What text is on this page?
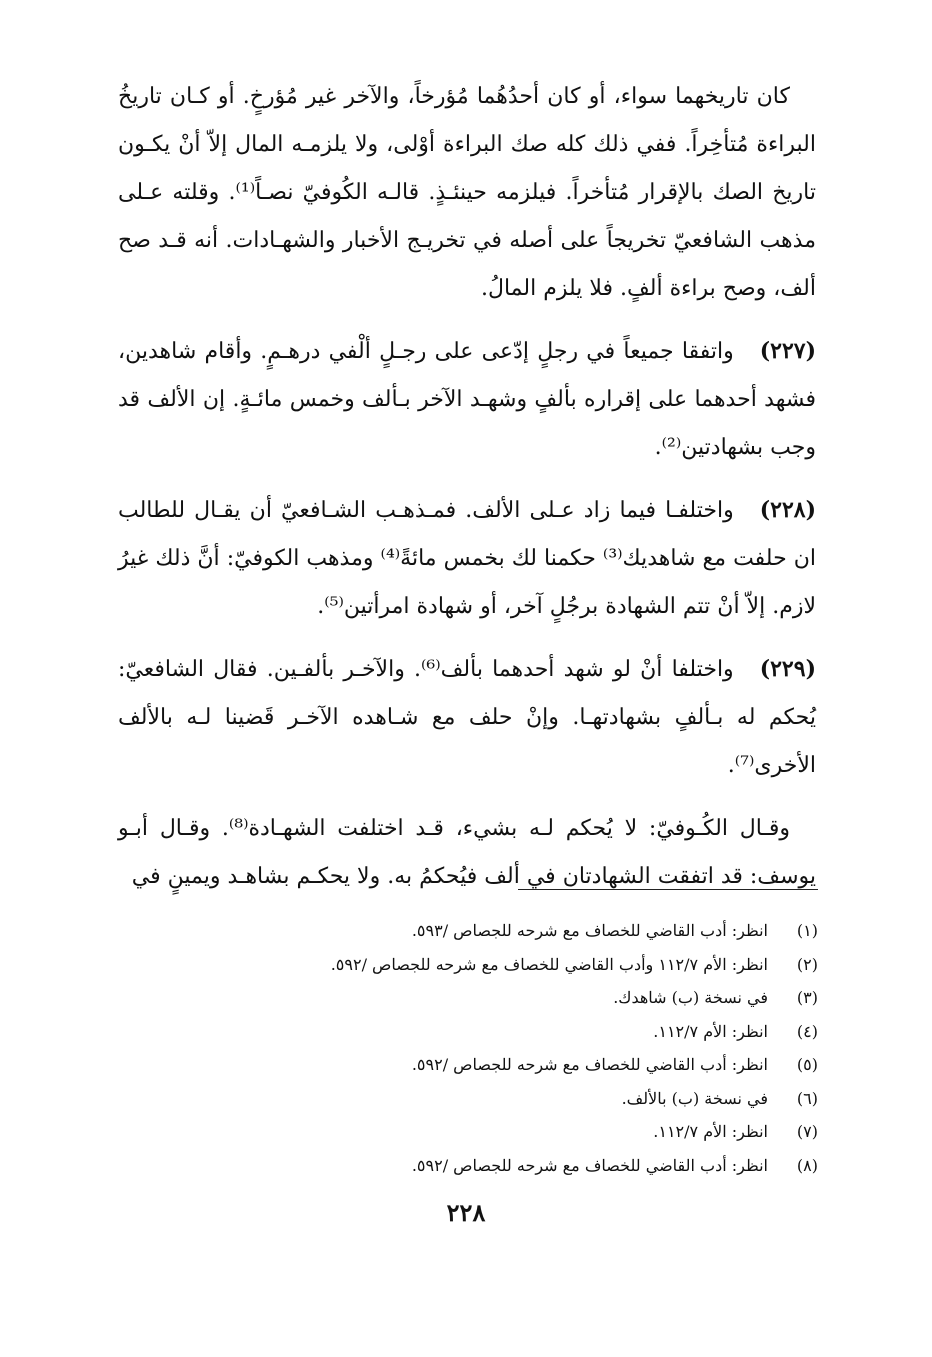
كان تاريخهما سواء، أو كان أحدُهُما مُؤرخاً، والآخر غير مُؤرخٍ. أو كـان تاريخُ البراءة مُتأخِراً. ففي ذلك كله صك البراءة أوْلى، ولا يلزمـه المال إلاّ أنْ يكـون تاريخ الصك بالإقرار مُتأخراً. فيلزمه حينئـذٍ. قالـه الكُوفيّ نصـاً⁽¹⁾. وقلته عـلى مذهب الشافعيّ تخريجاً على أصله في تخريـج الأخبار والشهـادات. أنه قـد صح ألف، وصح براءة ألفٍ. فلا يلزم المالُ.

(٢٢٧)واتفقا جميعاً في رجلٍ إدّعى على رجـلٍ ألْفي درهـمٍ. وأقام شاهدين، فشهد أحدهما على إقراره بألفٍ وشهـد الآخر بـألف وخمس مائـةٍ. إن الألف قد وجب بشهادتين⁽²⁾.

(٢٢٨)واختلفـا فيما زاد عـلى الألف. فمـذهـب الشـافعيّ أن يقـال للطالب ان حلفت مع شاهديك⁽³⁾ حكمنا لك بخمس مائةً⁽⁴⁾ ومذهب الكوفيّ: أنَّ ذلك غيرُ لازم. إلاّ أنْ تتم الشهادة برجُلٍ آخر، أو شهادة امرأتين⁽⁵⁾.

(٢٢٩)واختلفا أنْ لو شهد أحدهما بألف⁽⁶⁾. والآخـر بألفـين. فقال الشافعيّ: يُحكم له بـألفٍ بشهادتهـا. وإنْ حلف مع شـاهده الآخـر قَضينا لـه بالألف الأخرى⁽⁷⁾.

وقـال الكُـوفيّ: لا يُحكم لـه بشيء، قـد اختلفت الشهـادة⁽⁸⁾. وقـال أبـو يوسف: قد اتفقت الشهادتان في ألف فيُحكمُ به. ولا يحكـم بشاهـد ويمينٍ في

(١)
انظر: أدب القاضي للخصاف مع شرحه للجصاص /٥٩٣.
(٢)
انظر: الأم ١١٢/٧ وأدب القاضي للخصاف مع شرحه للجصاص /٥٩٢.
(٣)
في نسخة (ب) شاهدك.
(٤)
انظر: الأم ١١٢/٧.
(٥)
انظر: أدب القاضي للخصاف مع شرحه للجصاص /٥٩٢.
(٦)
في نسخة (ب) بالألف.
(٧)
انظر: الأم ١١٢/٧.
(٨)
انظر: أدب القاضي للخصاف مع شرحه للجصاص /٥٩٢.
٢٢٨
